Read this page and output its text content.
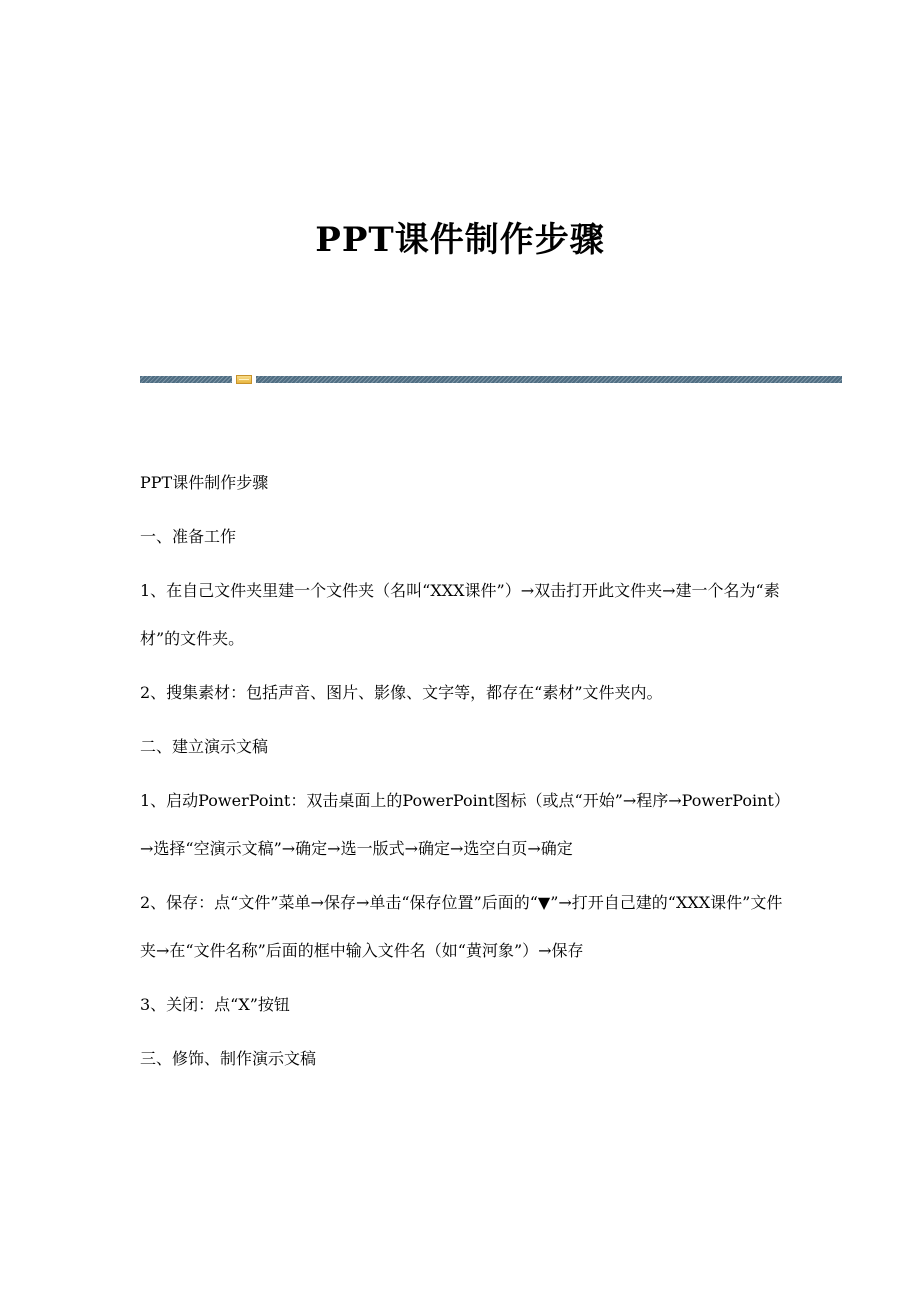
PPT课件制作步骤

PPT课件制作步骤

一、准备工作

1、在自己文件夹里建一个文件夹（名叫“XXX课件”）→双击打开此文件夹→建一个名为“素材”的文件夹。

2、搜集素材：包括声音、图片、影像、文字等，都存在“素材”文件夹内。

二、建立演示文稿

1、启动PowerPoint：双击桌面上的PowerPoint图标（或点“开始”→程序→PowerPoint）→选择“空演示文稿”→确定→选一版式→确定→选空白页→确定

2、保存：点“文件”菜单→保存→单击“保存位置”后面的“▼”→打开自己建的“XXX课件”文件夹→在“文件名称”后面的框中输入文件名（如“黄河象”）→保存

3、关闭：点“X”按钮

三、修饰、制作演示文稿
